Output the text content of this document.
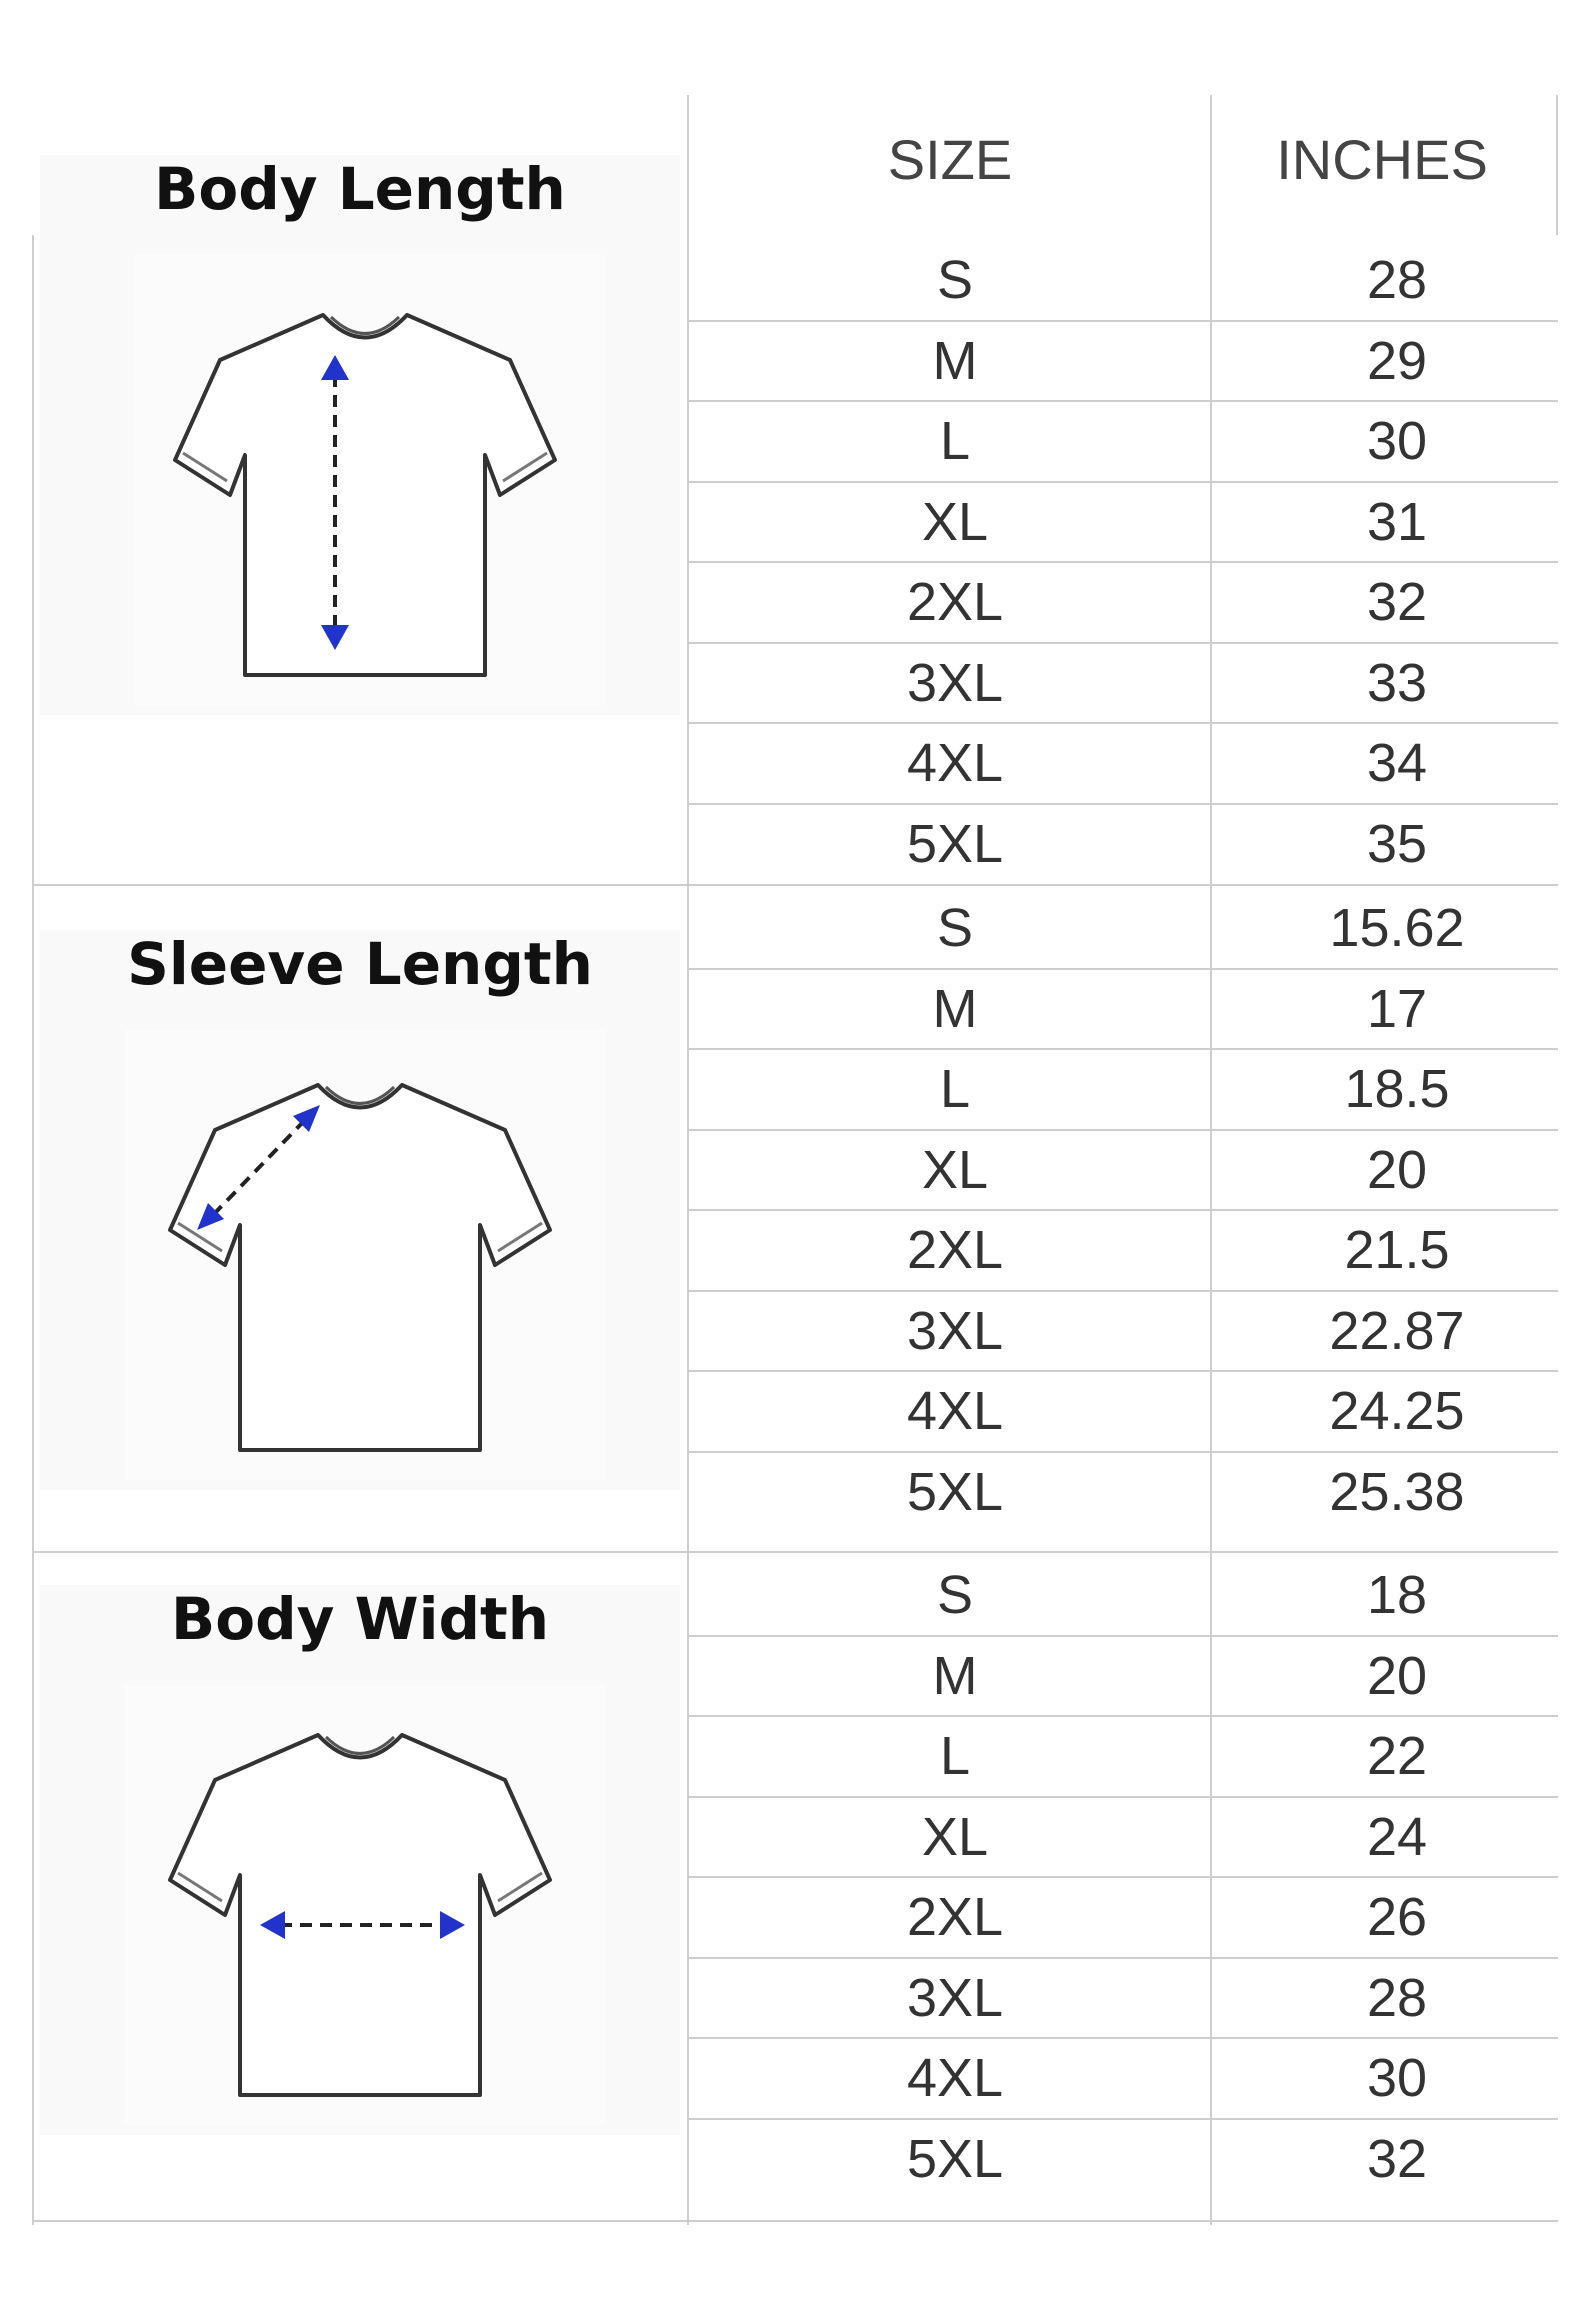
SIZE	INCHES
Body Length
Sleeve Length
Body Width
S	28
M	29
L	30
XL	31
2XL	32
3XL	33
4XL	34
5XL	35
S	15.62
M	17
L	18.5
XL	20
2XL	21.5
3XL	22.87
4XL	24.25
5XL	25.38
S	18
M	20
L	22
XL	24
2XL	26
3XL	28
4XL	30
5XL	32
